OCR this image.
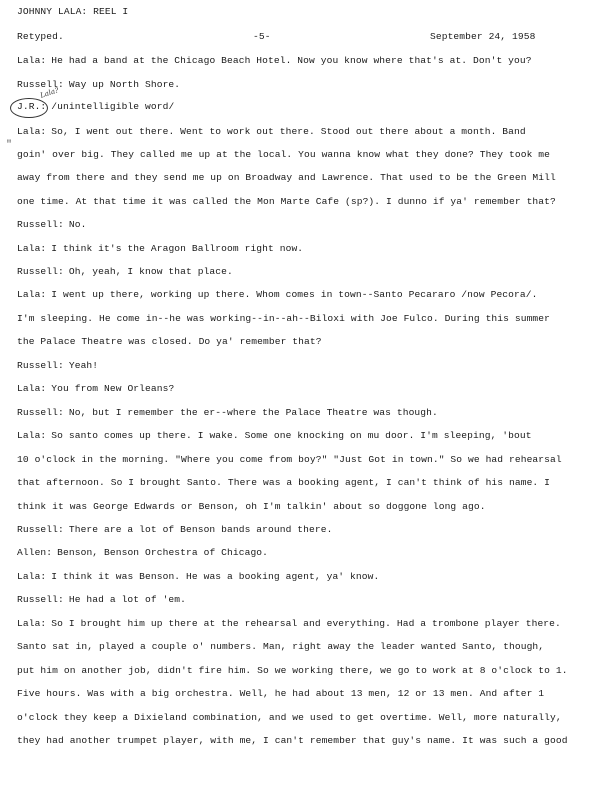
JOHNNY LALA: REEL I
Retyped.	-5-	September 24, 1958
Lala?
"
Lala: He had a band at the Chicago Beach Hotel. Now you know where that's at. Don't you?
Russell: Way up North Shore.
J.R.: /unintelligible word/
Lala: So, I went out there. Went to work out there. Stood out there about a month. Band
goin' over big. They called me up at the local. You wanna know what they done? They took me
away from there and they send me up on Broadway and Lawrence. That used to be the Green Mill
one time. At that time it was called the Mon Marte Cafe (sp?). I dunno if ya' remember that?
Russell: No.
Lala: I think it's the Aragon Ballroom right now.
Russell: Oh, yeah, I know that place.
Lala: I went up there, working up there. Whom comes in town--Santo Pecararo /now Pecora/.
I'm sleeping. He come in--he was working--in--ah--Biloxi with Joe Fulco. During this summer
the Palace Theatre was closed. Do ya' remember that?
Russell: Yeah!
Lala: You from New Orleans?
Russell: No, but I remember the er--where the Palace Theatre was though.
Lala: So santo comes up there. I wake. Some one knocking on mu door. I'm sleeping, 'bout
10 o'clock in the morning. "Where you come from boy?" "Just Got in town." So we had rehearsal
that afternoon. So I brought Santo. There was a booking agent, I can't think of his name. I
think it was George Edwards or Benson, oh I'm talkin' about so doggone long ago.
Russell: There are a lot of Benson bands around there.
Allen: Benson, Benson Orchestra of Chicago.
Lala: I think it was Benson. He was a booking agent, ya' know.
Russell: He had a lot of 'em.
Lala: So I brought him up there at the rehearsal and everything. Had a trombone player there.
Santo sat in, played a couple o' numbers. Man, right away the leader wanted Santo, though,
put him on another job, didn't fire him. So we working there, we go to work at 8 o'clock to 1.
Five hours. Was with a big orchestra. Well, he had about 13 men, 12 or 13 men. And after 1
o'clock they keep a Dixieland combination, and we used to get overtime. Well, more naturally,
they had another trumpet player, with me, I can't remember that guy's name. It was such a good
